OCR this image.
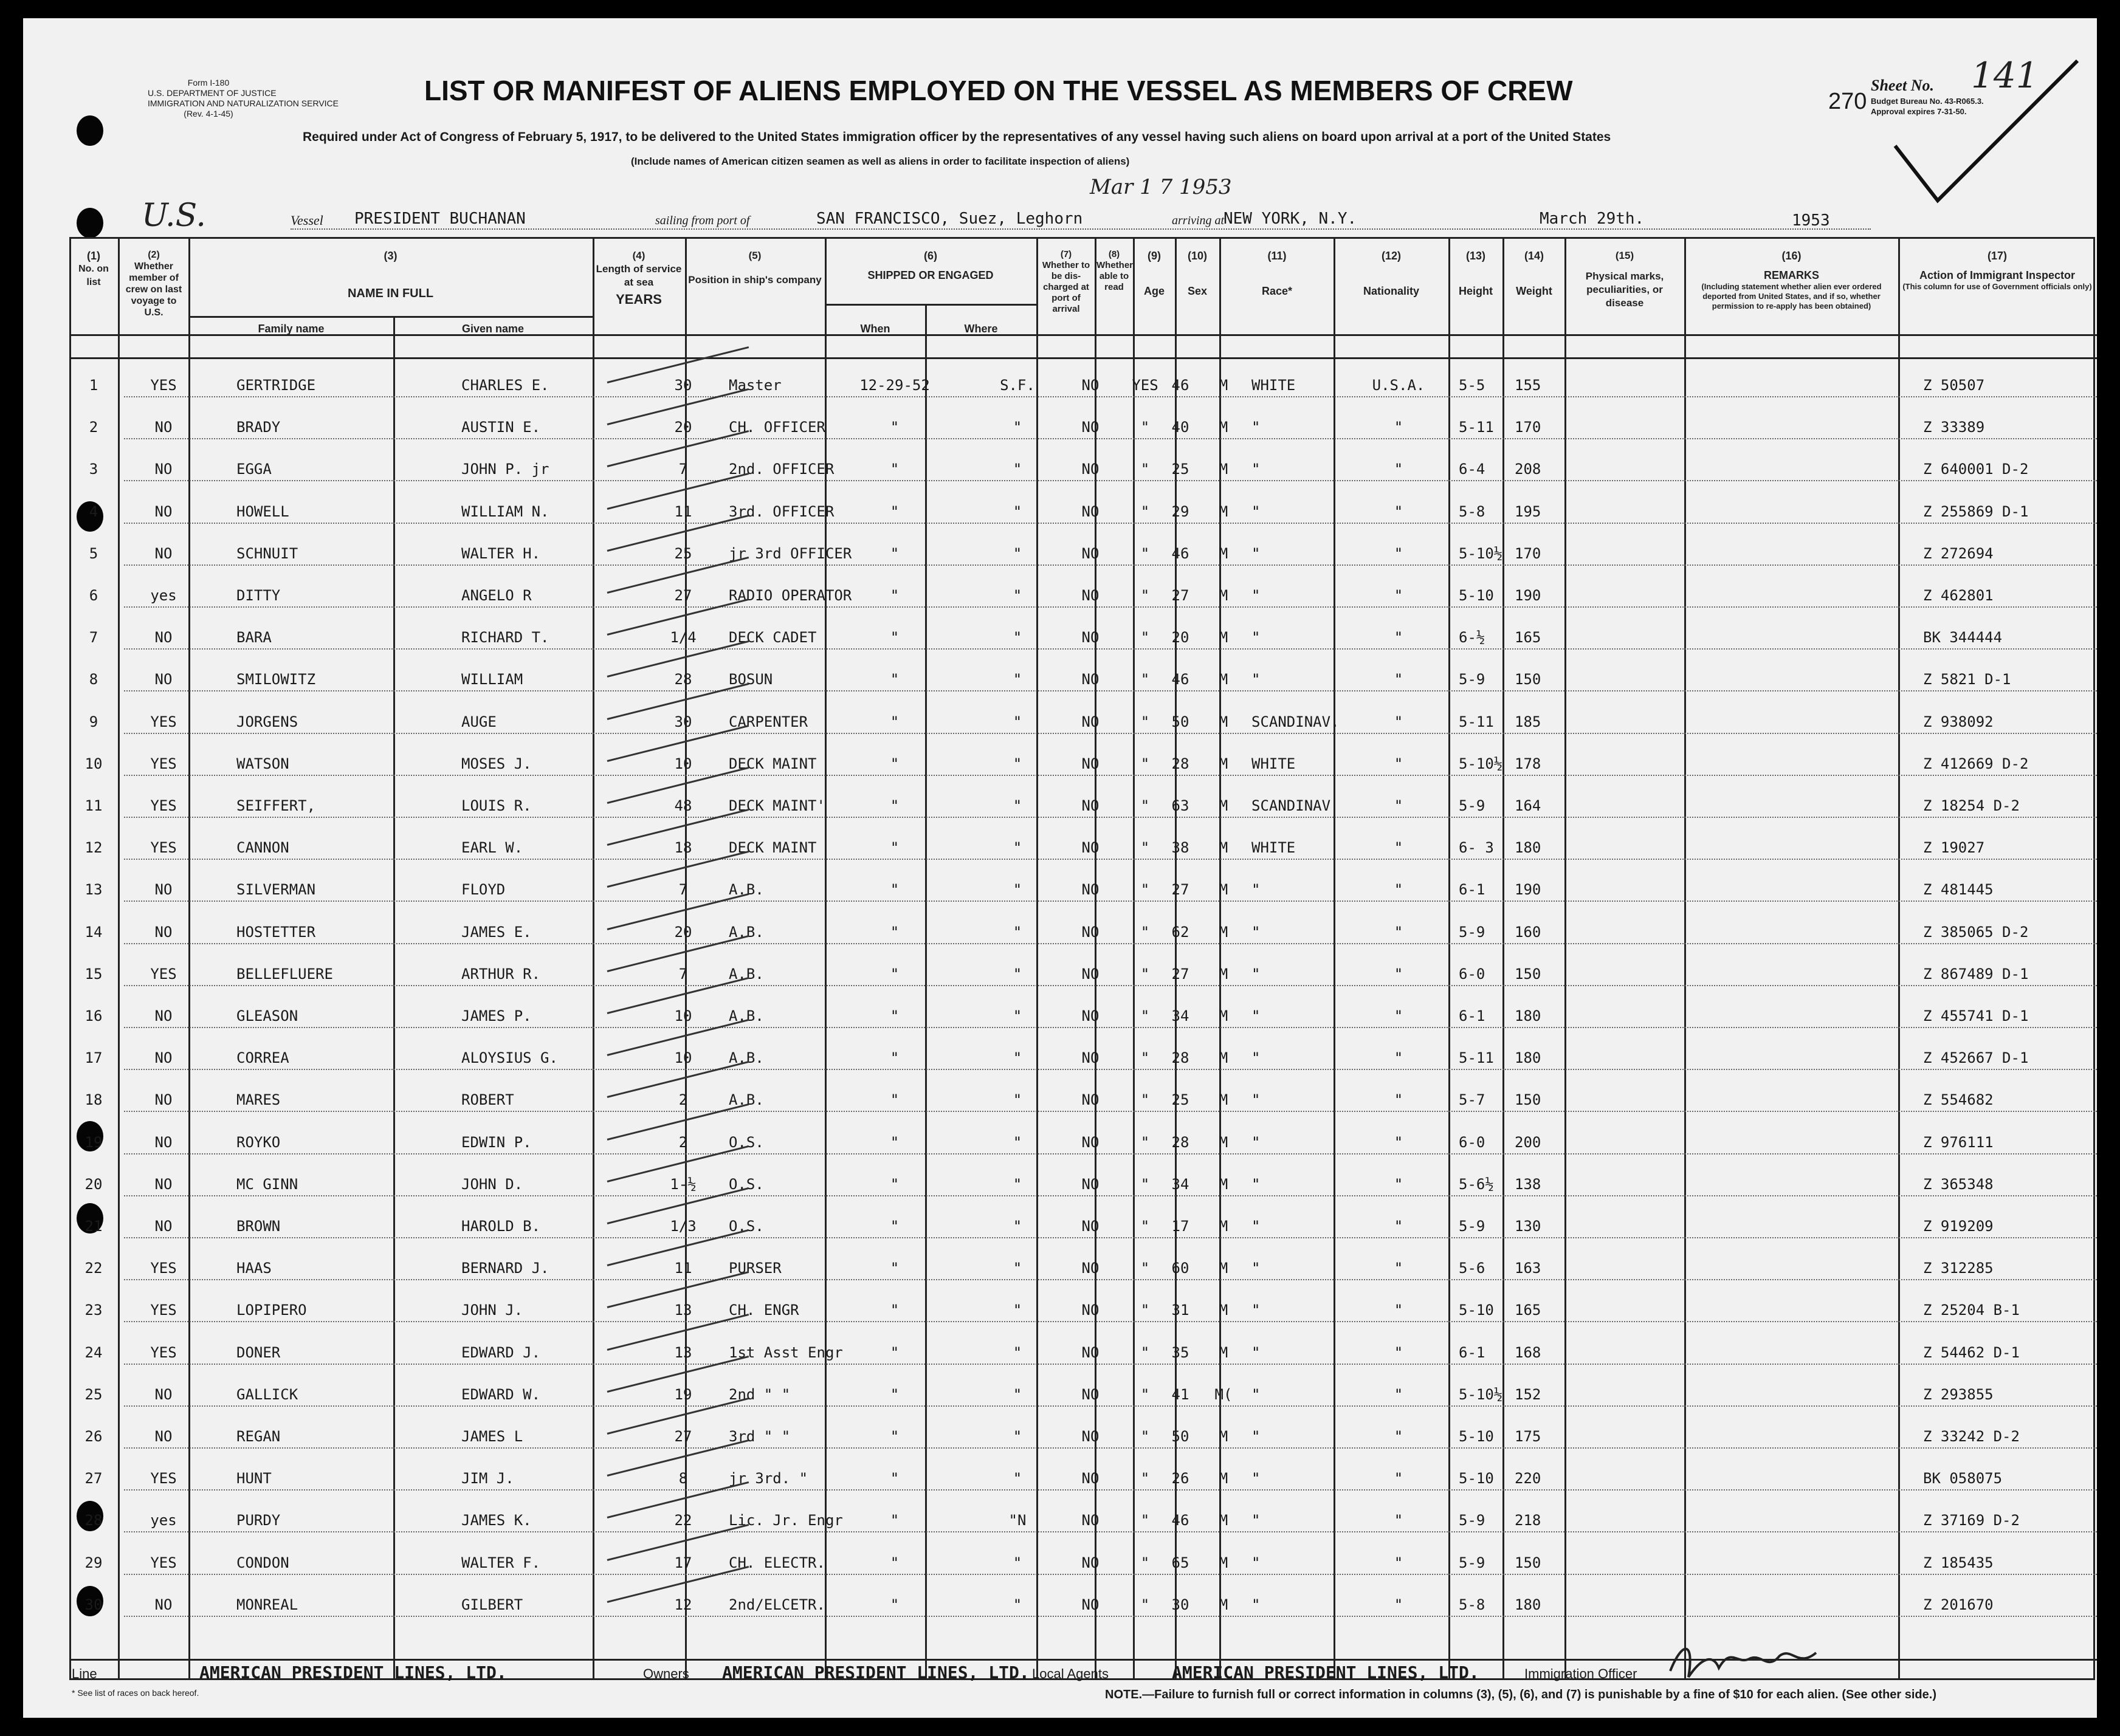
Form I-180
U.S. DEPARTMENT OF JUSTICE
IMMIGRATION AND NATURALIZATION SERVICE
(Rev. 4-1-45)
LIST OR MANIFEST OF ALIENS EMPLOYED ON THE VESSEL AS MEMBERS OF CREW
Required under Act of Congress of February 5, 1917, to be delivered to the United States immigration officer by the representatives of any vessel having such aliens on board upon arrival at a port of the United States
(Include names of American citizen seamen as well as aliens in order to facilitate inspection of aliens)
270
Sheet No. 141
Budget Bureau No. 43-R065.3.
Approval expires 7-31-50.
U.S.	Vessel PRESIDENT BUCHANAN	sailing from port of	SAN FRANCISCO, Suez, Leghorn	arriving at
NEW YORK, N.Y.	March 29th.	1953
Mar 1 7 1953
(1)
No. on list
(2)
Whether member of crew on last voyage to U.S.
(3)
NAME IN FULL
Family name	Given name
(4)
Length of service at sea
YEARS
(5)
Position in ship's company
(6)
SHIPPED OR ENGAGED
When	Where
(7)
Whether to be dis-charged at port of arrival
(8)
Whether able to read
(9)
Age
(10)
Sex
(11)
Race*
(12)
Nationality
(13)
Height
(14)
Weight
(15)
Physical marks, peculiarities, or disease
(16)
REMARKS
(Including statement whether alien ever ordered deported from United States, and if so, whether permission to re-apply has been obtained)
(17)
Action of Immigrant Inspector
(This column for use of Government officials only)
1	YES	GERTRIDGE	CHARLES E.	30	Master	12-29-52	S.F.	NO	YES 46	M	WHITE	U.S.A.	5-5 155	Z 50507
2	NO	BRADY	AUSTIN E.	20	CH. OFFICER	"	"	NO	"	40	M	"	"	5-11 170	Z 33389
3	NO	EGGA	JOHN P. jr	7	2nd. OFFICER	"	"	NO	"	25	M	"	"	6-4 208	Z 640001 D-2
4	NO	HOWELL	WILLIAM N.	11	3rd. OFFICER	"	"	NO	"	29	M	"	"	5-8 195	Z 255869 D-1
5	NO	SCHNUIT	WALTER H.	25	jr 3rd OFFICER	"	"	NO	"	46	M	"	"	5-10½ 170	Z 272694
6	yes	DITTY	ANGELO R	27	RADIO OPERATOR	"	"	NO	"	27	M	"	"	5-10 190	Z 462801
7	NO	BARA	RICHARD T.	1/4	DECK CADET	"	"	NO	"	20	M	"	"	6-½ 165	BK 344444
8	NO	SMILOWITZ	WILLIAM	28	BOSUN	"	"	NO	"	46	M	"	"	5-9 150	Z 5821 D-1
9	YES	JORGENS	AUGE	30	CARPENTER	"	"	NO	"	50	M	SCANDINAV.	"	5-11 185	Z 938092
10	YES	WATSON	MOSES J.	10	DECK MAINT	"	"	NO	"	28	M	WHITE	"	5-10½ 178	Z 412669 D-2
11	YES	SEIFFERT,	LOUIS R.	48	DECK MAINT'	"	"	NO	"	63	M	SCANDINAV	"	5-9 164	Z 18254 D-2
12	YES	CANNON	EARL W.	18	DECK MAINT	"	"	NO	"	38	M	WHITE	"	6- 3 180	Z 19027
13	NO	SILVERMAN	FLOYD	7	A.B.	"	"	NO	"	27	M	"	"	6-1 190	Z 481445
14	NO	HOSTETTER	JAMES E.	20	A.B.	"	"	NO	"	62	M	"	"	5-9 160	Z 385065 D-2
15	YES	BELLEFLUERE	ARTHUR R.	7	A.B.	"	"	NO	"	27	M	"	"	6-0 150	Z 867489 D-1
16	NO	GLEASON	JAMES P.	10	A.B.	"	"	NO	"	34	M	"	"	6-1 180	Z 455741 D-1
17	NO	CORREA	ALOYSIUS G.	10	A.B.	"	"	NO	"	28	M	"	"	5-11 180	Z 452667 D-1
18	NO	MARES	ROBERT	2	A.B.	"	"	NO	"	25	M	"	"	5-7 150	Z 554682
19	NO	ROYKO	EDWIN P.	2	O.S.	"	"	NO	"	28	M	"	"	6-0 200	Z 976111
20	NO	MC GINN	JOHN D.	1-½	O.S.	"	"	NO	"	34	M	"	"	5-6½ 138	Z 365348
21	NO	BROWN	HAROLD B.	1/3	O.S.	"	"	NO	"	17	M	"	"	5-9 130	Z 919209
22	YES	HAAS	BERNARD J.	11	PURSER	"	"	NO	"	60	M	"	"	5-6 163	Z 312285
23	YES	LOPIPERO	JOHN J.	13	CH. ENGR	"	"	NO	"	31	M	"	"	5-10 165	Z 25204 B-1
24	YES	DONER	EDWARD J.	13	1st Asst Engr	"	"	NO	"	35	M	"	"	6-1 168	Z 54462 D-1
25	NO	GALLICK	EDWARD W.	19	2nd " "	"	"	NO	"	41	M(	"	"	5-10½ 152	Z 293855
26	NO	REGAN	JAMES L	27	3rd " "	"	"	NO	"	50	M	"	"	5-10 175	Z 33242 D-2
27	YES	HUNT	JIM J.	8	jr 3rd. "	"	"	NO	"	26	M	"	"	5-10 220	BK 058075
28	yes	PURDY	JAMES K.	22	Lic. Jr. Engr	"	"N	NO	"	46	M	"	"	5-9 218	Z 37169 D-2
29	YES	CONDON	WALTER F.	17	CH. ELECTR.	"	"	NO	"	65	M	"	"	5-9 150	Z 185435
30	NO	MONREAL	GILBERT	12	2nd/ELCETR.	"	"	NO	"	30	M	"	"	5-8 180	Z 201670
Line	AMERICAN PRESIDENT LINES, LTD.	Owners AMERICAN PRESIDENT LINES, LTD. Local Agents	AMERICAN PRESIDENT LINES, LTD.	Immigration Officer
* See list of races on back hereof.	NOTE.—Failure to furnish full or correct information in columns (3), (5), (6), and (7) is punishable by a fine of $10 for each alien. (See other side.)
